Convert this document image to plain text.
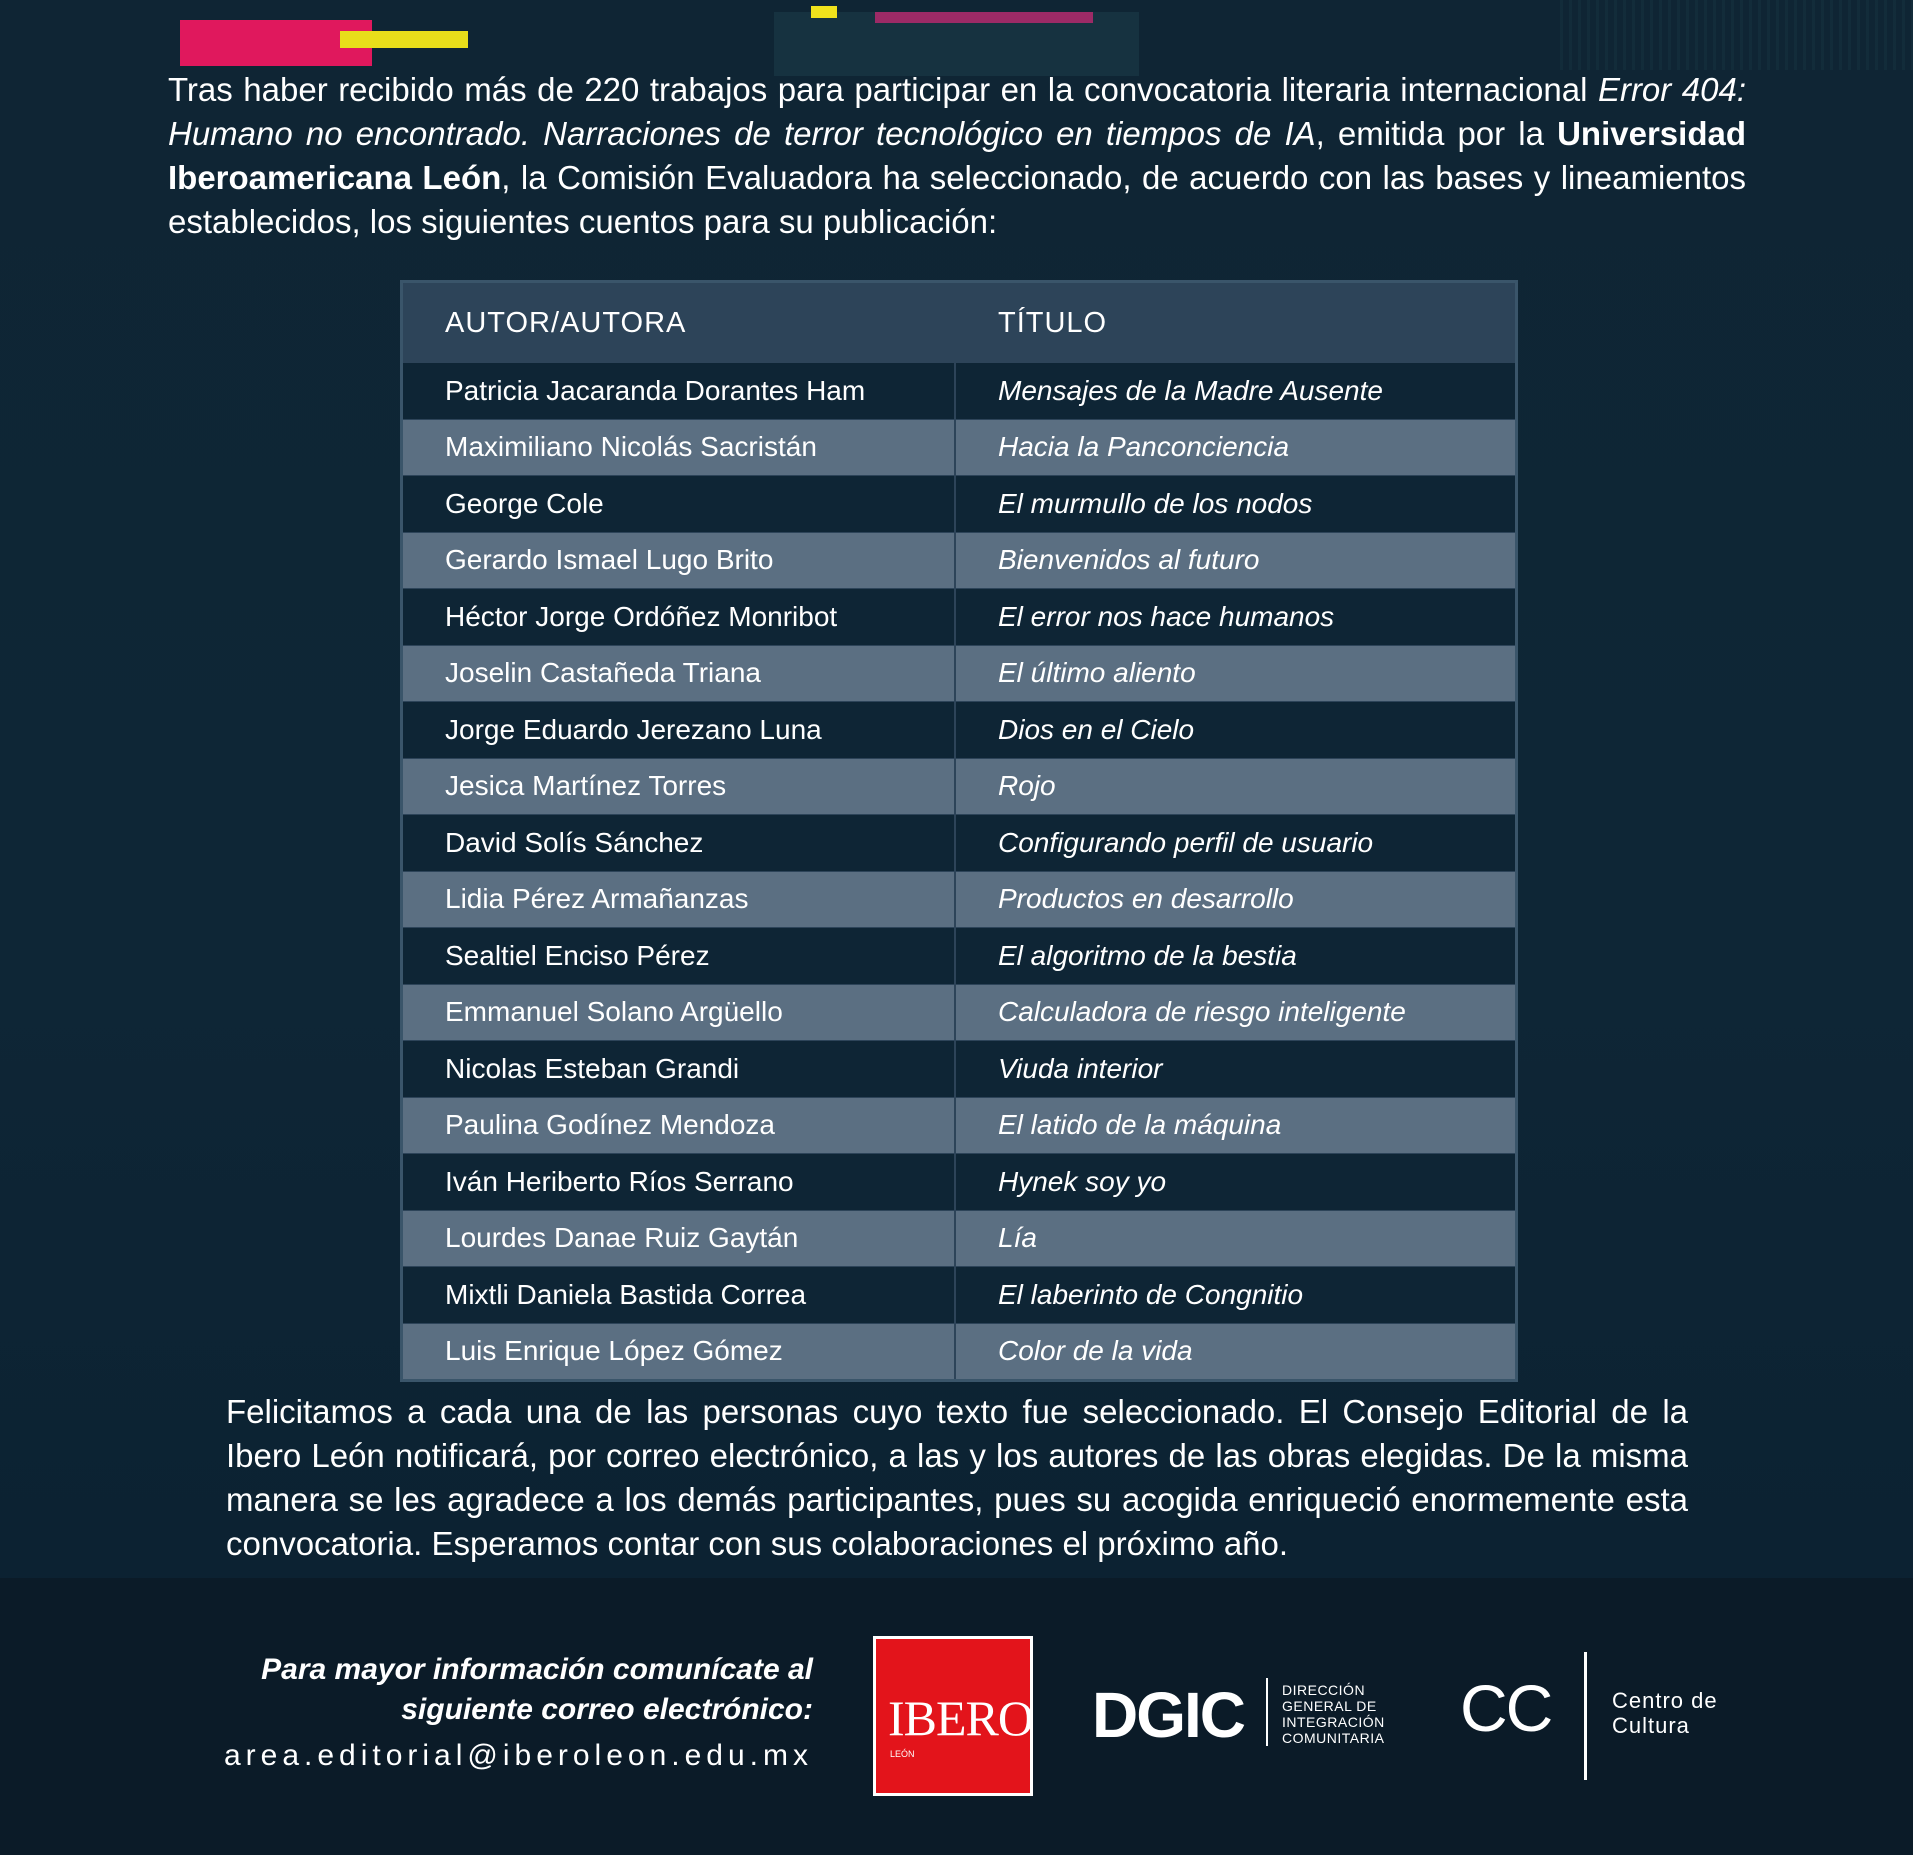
Tras haber recibido más de 220 trabajos para participar en la convocatoria literaria internacional Error 404: Humano no encontrado. Narraciones de terror tecnológico en tiempos de IA, emitida por la Universidad Iberoamericana León, la Comisión Evaluadora ha seleccionado, de acuerdo con las bases y lineamientos establecidos, los siguientes cuentos para su publicación:

AUTOR/AUTORA	TÍTULO
Patricia Jacaranda Dorantes Ham	Mensajes de la Madre Ausente
Maximiliano Nicolás Sacristán	Hacia la Panconciencia
George Cole	El murmullo de los nodos
Gerardo Ismael Lugo Brito	Bienvenidos al futuro
Héctor Jorge Ordóñez Monribot	El error nos hace humanos
Joselin Castañeda Triana	El último aliento
Jorge Eduardo Jerezano Luna	Dios en el Cielo
Jesica Martínez Torres	Rojo
David Solís Sánchez	Configurando perfil de usuario
Lidia Pérez Armañanzas	Productos en desarrollo
Sealtiel Enciso Pérez	El algoritmo de la bestia
Emmanuel Solano Argüello	Calculadora de riesgo inteligente
Nicolas Esteban Grandi	Viuda interior
Paulina Godínez Mendoza	El latido de la máquina
Iván Heriberto Ríos Serrano	Hynek soy yo
Lourdes Danae Ruiz Gaytán	Lía
Mixtli Daniela Bastida Correa	El laberinto de Congnitio
Luis Enrique López Gómez	Color de la vida

Felicitamos a cada una de las personas cuyo texto fue seleccionado. El Consejo Editorial de la Ibero León notificará, por correo electrónico, a las y los autores de las obras elegidas. De la misma manera se les agradece a los demás participantes, pues su acogida enriqueció enormemente esta convocatoria. Esperamos contar con sus colaboraciones el próximo año.

Para mayor información comunícate al
siguiente correo electrónico:
area.editorial@iberoleon.edu.mx
IBERO
LEÓN
DGIC	DIRECCIÓN
GENERAL DE
INTEGRACIÓN
COMUNITARIA CC	Centro de
Cultura
